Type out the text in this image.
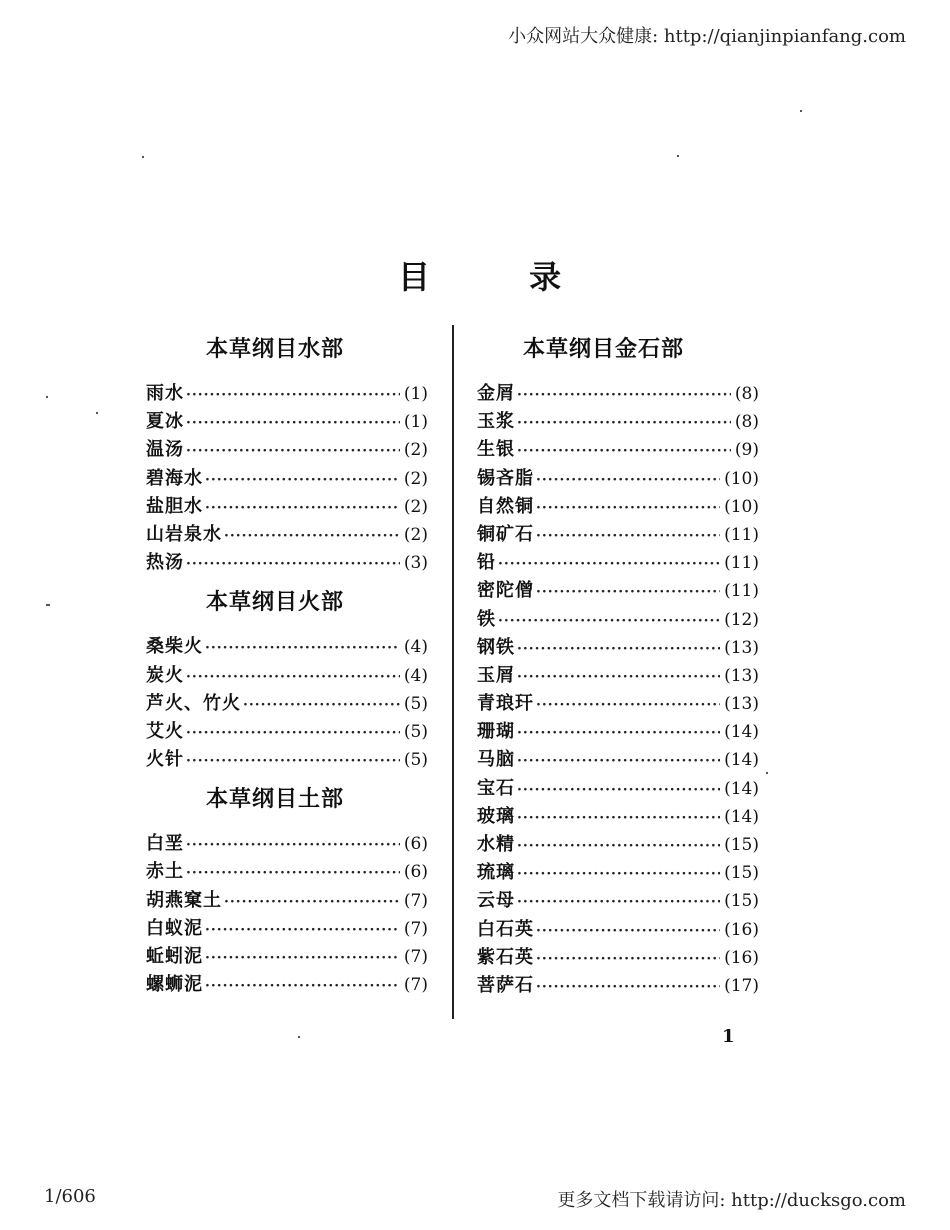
小众网站大众健康: http://qianjinpianfang.com
目 录
本草纲目水部
雨水 ·····	(1)
夏冰 ·····	(1)
温汤 ·····	(2)
碧海水 ·····	(2)
盐胆水 ·····	(2)
山岩泉水 ·····	(2)
热汤 ·····	(3)
本草纲目火部
桑柴火 ·····	(4)
炭火 ·····	(4)
芦火、竹火 ·····	(5)
艾火 ·····	(5)
火针 ·····	(5)
本草纲目土部
白垩 ·····	(6)
赤土 ·····	(6)
胡燕窠土 ·····	(7)
白蚁泥 ·····	(7)
蚯蚓泥 ·····	(7)
螺蛳泥 ·····	(7)
本草纲目金石部
金屑 ·····	(8)
玉浆 ·····	(8)
生银 ·····	(9)
锡吝脂 ·····	(10)
自然铜 ·····	(10)
铜矿石 ·····	(11)
铅 ·····	(11)
密陀僧 ·····	(11)
铁 ·····	(12)
钢铁 ·····	(13)
玉屑 ·····	(13)
青琅玕 ·····	(13)
珊瑚 ·····	(14)
马脑 ·····	(14)
宝石 ·····	(14)
玻璃 ·····	(14)
水精 ·····	(15)
琉璃 ·····	(15)
云母 ·····	(15)
白石英 ·····	(16)
紫石英 ·····	(16)
菩萨石 ·····	(17)
1
1/606	更多文档下载请访问: http://ducksgo.com
